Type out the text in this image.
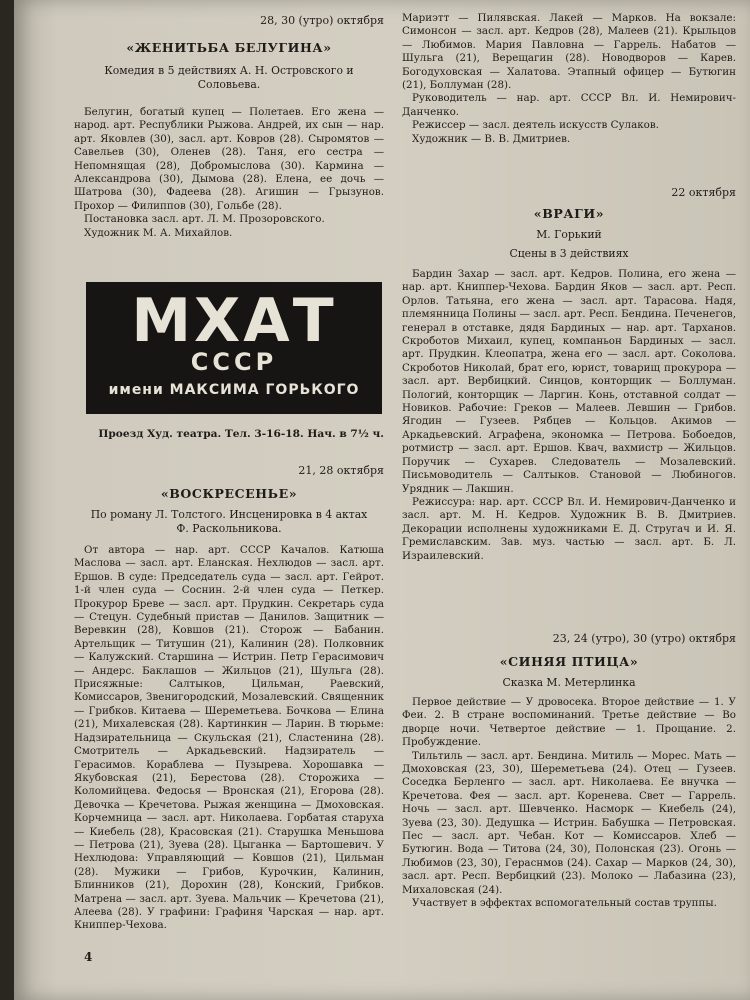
28, 30 (утро) октября
«ЖЕНИТЬБА БЕЛУГИНА»
Комедия в 5 действиях А. Н. Островского и Соловьева.

Белугин, богатый купец — Полетаев. Его жена — народ. арт. Республики Рыжова. Андрей, их сын — нар. арт. Яковлев (30), засл. арт. Ковров (28). Сыромятов — Савельев (30), Оленев (28). Таня, его сестра — Непомнящая (28), Добромыслова (30). Кармина — Александрова (30), Дымова (28). Елена, ее дочь — Шатрова (30), Фадеева (28). Агишин — Грызунов. Прохор — Филиппов (30), Гольбе (28).

Постановка засл. арт. Л. М. Прозоровского.

Художник М. А. Михайлов.

МХАТ
СССР
имени МАКСИМА ГОРЬКОГО
Проезд Худ. театра. Тел. 3-16-18. Нач. в 7½ ч.
21, 28 октября
«ВОСКРЕСЕНЬЕ»
По роману Л. Толстого. Инсценировка в 4 актах Ф. Раскольникова.

От автора — нар. арт. СССР Качалов. Катюша Маслова — засл. арт. Еланская. Нехлюдов — засл. арт. Ершов. В суде: Председатель суда — засл. арт. Гейрот. 1-й член суда — Соснин. 2-й член суда — Петкер. Прокурор Бреве — засл. арт. Прудкин. Секретарь суда — Стецун. Судебный пристав — Данилов. Защитник — Веревкин (28), Ковшов (21). Сторож — Бабанин. Артельщик — Титушин (21), Калинин (28). Полковник — Калужский. Старшина — Истрин. Петр Герасимович — Андерс. Баклашов — Жильцов (21), Шульга (28). Присяжные: Салтыков, Цильман, Раевский, Комиссаров, Звенигородский, Мозалевский. Священник — Грибков. Китаева — Шереметьева. Бочкова — Елина (21), Михалевская (28). Картинкин — Ларин. В тюрьме: Надзирательница — Скульская (21), Сластенина (28). Смотритель — Аркадьевский. Надзиратель — Герасимов. Кораблева — Пузырева. Хорошавка — Якубовская (21), Берестова (28). Сторожиха — Коломийцева. Федосья — Вронская (21), Егорова (28). Девочка — Кречетова. Рыжая женщина — Дмоховская. Корчемница — засл. арт. Николаева. Горбатая старуха — Киебель (28), Красовская (21). Старушка Меньшова — Петрова (21), Зуева (28). Цыганка — Бартошевич. У Нехлюдова: Управляющий — Ковшов (21), Цильман (28). Мужики — Грибов, Курочкин, Калинин, Блинников (21), Дорохин (28), Конский, Грибков. Матрена — засл. арт. Зуева. Мальчик — Кречетова (21), Алеева (28). У графини: Графиня Чарская — нар. арт. Книппер-Чехова.

Мариэтт — Пилявская. Лакей — Марков. На вокзале: Симонсон — засл. арт. Кедров (28), Малеев (21). Крыльцов — Любимов. Мария Павловна — Гаррель. Набатов — Шульга (21), Верещагин (28). Новодворов — Карев. Богодуховская — Халатова. Этапный офицер — Бутюгин (21), Боллуман (28).

Руководитель — нар. арт. СССР Вл. И. Немирович-Данченко.

Режиссер — засл. деятель искусств Сулаков.

Художник — В. В. Дмитриев.

22 октября
«ВРАГИ»
М. Горький
Сцены в 3 действиях

Бардин Захар — засл. арт. Кедров. Полина, его жена — нар. арт. Книппер-Чехова. Бардин Яков — засл. арт. Респ. Орлов. Татьяна, его жена — засл. арт. Тарасова. Надя, племянница Полины — засл. арт. Респ. Бендина. Печенегов, генерал в отставке, дядя Бардиных — нар. арт. Тарханов. Скроботов Михаил, купец, компаньон Бардиных — засл. арт. Прудкин. Клеопатра, жена его — засл. арт. Соколова. Скроботов Николай, брат его, юрист, товарищ прокурора — засл. арт. Вербицкий. Синцов, конторщик — Боллуман. Пологий, конторщик — Ларгин. Конь, отставной солдат — Новиков. Рабочие: Греков — Малеев. Левшин — Грибов. Ягодин — Гузеев. Рябцев — Кольцов. Акимов — Аркадьевский. Аграфена, экономка — Петрова. Бобоедов, ротмистр — засл. арт. Ершов. Квач, вахмистр — Жильцов. Поручик — Сухарев. Следователь — Мозалевский. Письмоводитель — Салтыков. Становой — Любиногов. Урядник — Лакшин.

Режиссура: нар. арт. СССР Вл. И. Немирович-Данченко и засл. арт. М. Н. Кедров. Художник В. В. Дмитриев. Декорации исполнены художниками Е. Д. Стругач и И. Я. Гремиславским. Зав. муз. частью — засл. арт. Б. Л. Израилевский.

23, 24 (утро), 30 (утро) октября
«СИНЯЯ ПТИЦА»
Сказка М. Метерлинка

Первое действие — У дровосека. Второе действие — 1. У Феи. 2. В стране воспоминаний. Третье действие — Во дворце ночи. Четвертое действие — 1. Прощание. 2. Пробуждение.

Тильтиль — засл. арт. Бендина. Митиль — Морес. Мать — Дмоховская (23, 30), Шереметьева (24). Отец — Гузеев. Соседка Берленго — засл. арт. Николаева. Ее внучка — Кречетова. Фея — засл. арт. Коренева. Свет — Гаррель. Ночь — засл. арт. Шевченко. Насморк — Киебель (24), Зуева (23, 30). Дедушка — Истрин. Бабушка — Петровская. Пес — засл. арт. Чебан. Кот — Комиссаров. Хлеб — Бутюгин. Вода — Титова (24, 30), Полонская (23). Огонь — Любимов (23, 30), Гераснмов (24). Сахар — Марков (24, 30), засл. арт. Респ. Вербицкий (23). Молоко — Лабазина (23), Михаловская (24).

Участвует в эффектах вспомогательный состав труппы.

4
